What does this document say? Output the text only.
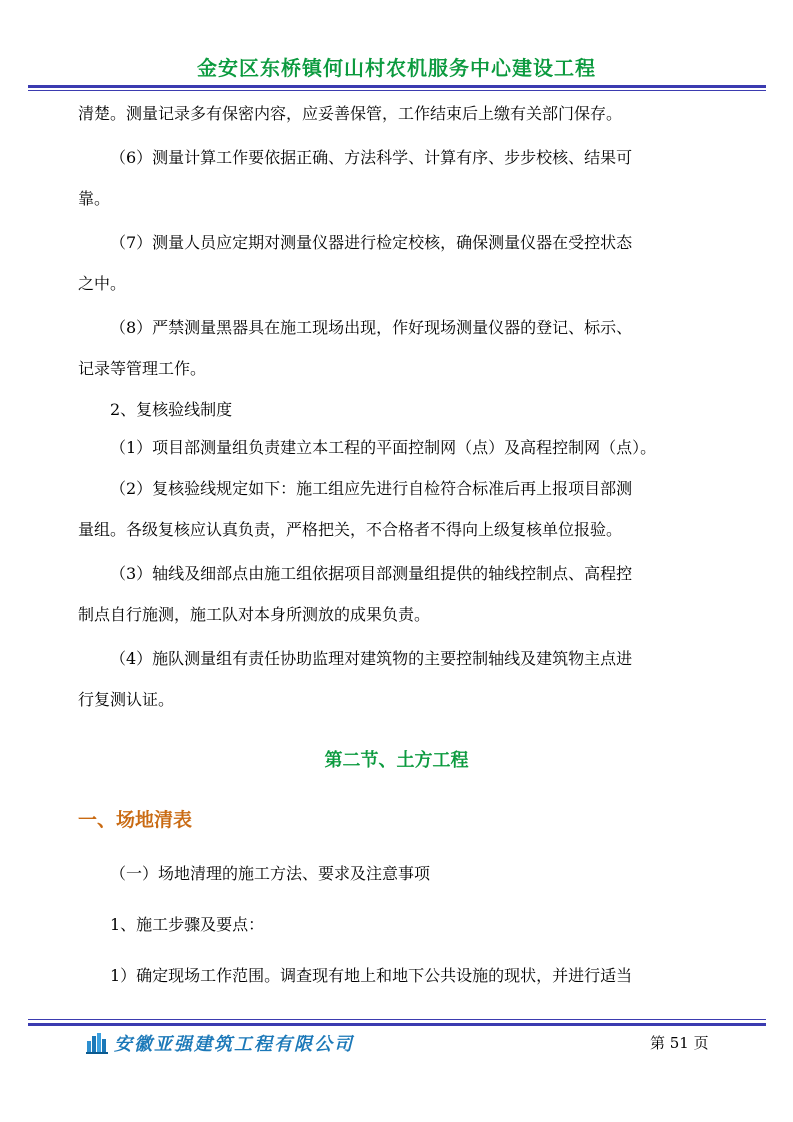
金安区东桥镇何山村农机服务中心建设工程

清楚。测量记录多有保密内容，应妥善保管，工作结束后上缴有关部门保存。

（6）测量计算工作要依据正确、方法科学、计算有序、步步校核、结果可

靠。

（7）测量人员应定期对测量仪器进行检定校核，确保测量仪器在受控状态

之中。

（8）严禁测量黑器具在施工现场出现，作好现场测量仪器的登记、标示、

记录等管理工作。

2、复核验线制度

（1）项目部测量组负责建立本工程的平面控制网（点）及高程控制网（点）。

（2）复核验线规定如下：施工组应先进行自检符合标准后再上报项目部测

量组。各级复核应认真负责，严格把关，不合格者不得向上级复核单位报验。

（3）轴线及细部点由施工组依据项目部测量组提供的轴线控制点、高程控

制点自行施测，施工队对本身所测放的成果负责。

（4）施队测量组有责任协助监理对建筑物的主要控制轴线及建筑物主点进

行复测认证。

第二节、土方工程
一、场地清表

（一）场地清理的施工方法、要求及注意事项

1、施工步骤及要点：

1）确定现场工作范围。调查现有地上和地下公共设施的现状，并进行适当

安徽亚强建筑工程有限公司	第 51 页
